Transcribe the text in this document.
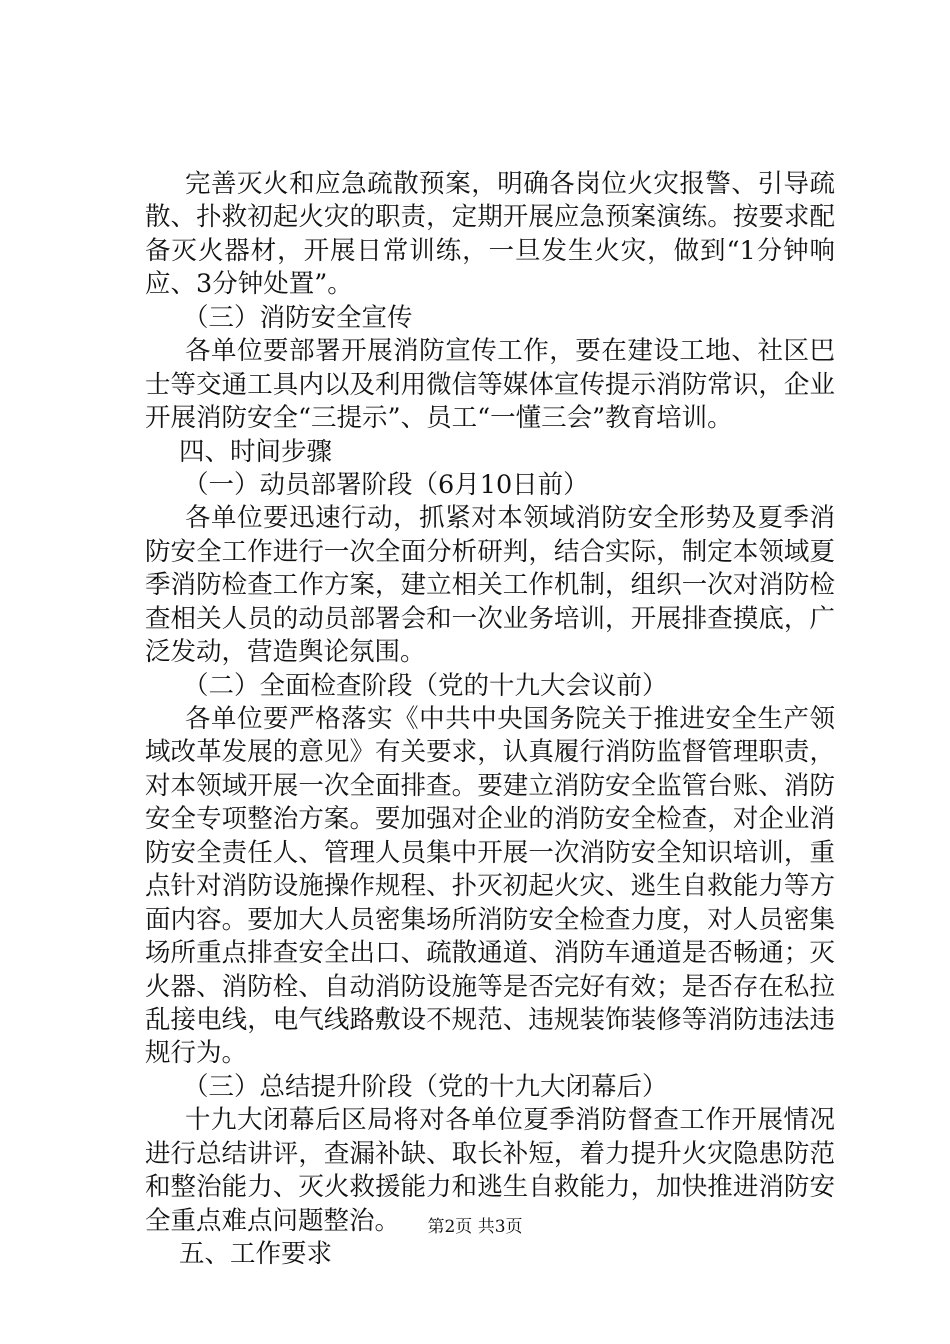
完善灭火和应急疏散预案，明确各岗位火灾报警、引导疏
散、扑救初起火灾的职责，定期开展应急预案演练。按要求配
备灭火器材，开展日常训练，一旦发生火灾，做到“1分钟响
应、3分钟处置”。
（三）消防安全宣传
各单位要部署开展消防宣传工作，要在建设工地、社区巴
士等交通工具内以及利用微信等媒体宣传提示消防常识，企业
开展消防安全“三提示”、员工“一懂三会”教育培训。
四、时间步骤
（一）动员部署阶段（6月10日前）
各单位要迅速行动，抓紧对本领域消防安全形势及夏季消
防安全工作进行一次全面分析研判，结合实际，制定本领域夏
季消防检查工作方案，建立相关工作机制，组织一次对消防检
查相关人员的动员部署会和一次业务培训，开展排查摸底，广
泛发动，营造舆论氛围。
（二）全面检查阶段（党的十九大会议前）
各单位要严格落实《中共中央国务院关于推进安全生产领
域改革发展的意见》有关要求，认真履行消防监督管理职责，
对本领域开展一次全面排查。要建立消防安全监管台账、消防
安全专项整治方案。要加强对企业的消防安全检查，对企业消
防安全责任人、管理人员集中开展一次消防安全知识培训，重
点针对消防设施操作规程、扑灭初起火灾、逃生自救能力等方
面内容。要加大人员密集场所消防安全检查力度，对人员密集
场所重点排查安全出口、疏散通道、消防车通道是否畅通；灭
火器、消防栓、自动消防设施等是否完好有效；是否存在私拉
乱接电线，电气线路敷设不规范、违规装饰装修等消防违法违
规行为。
（三）总结提升阶段（党的十九大闭幕后）
十九大闭幕后区局将对各单位夏季消防督查工作开展情况
进行总结讲评，查漏补缺、取长补短，着力提升火灾隐患防范
和整治能力、灭火救援能力和逃生自救能力，加快推进消防安
全重点难点问题整治。
五、工作要求
第2页 共3页
